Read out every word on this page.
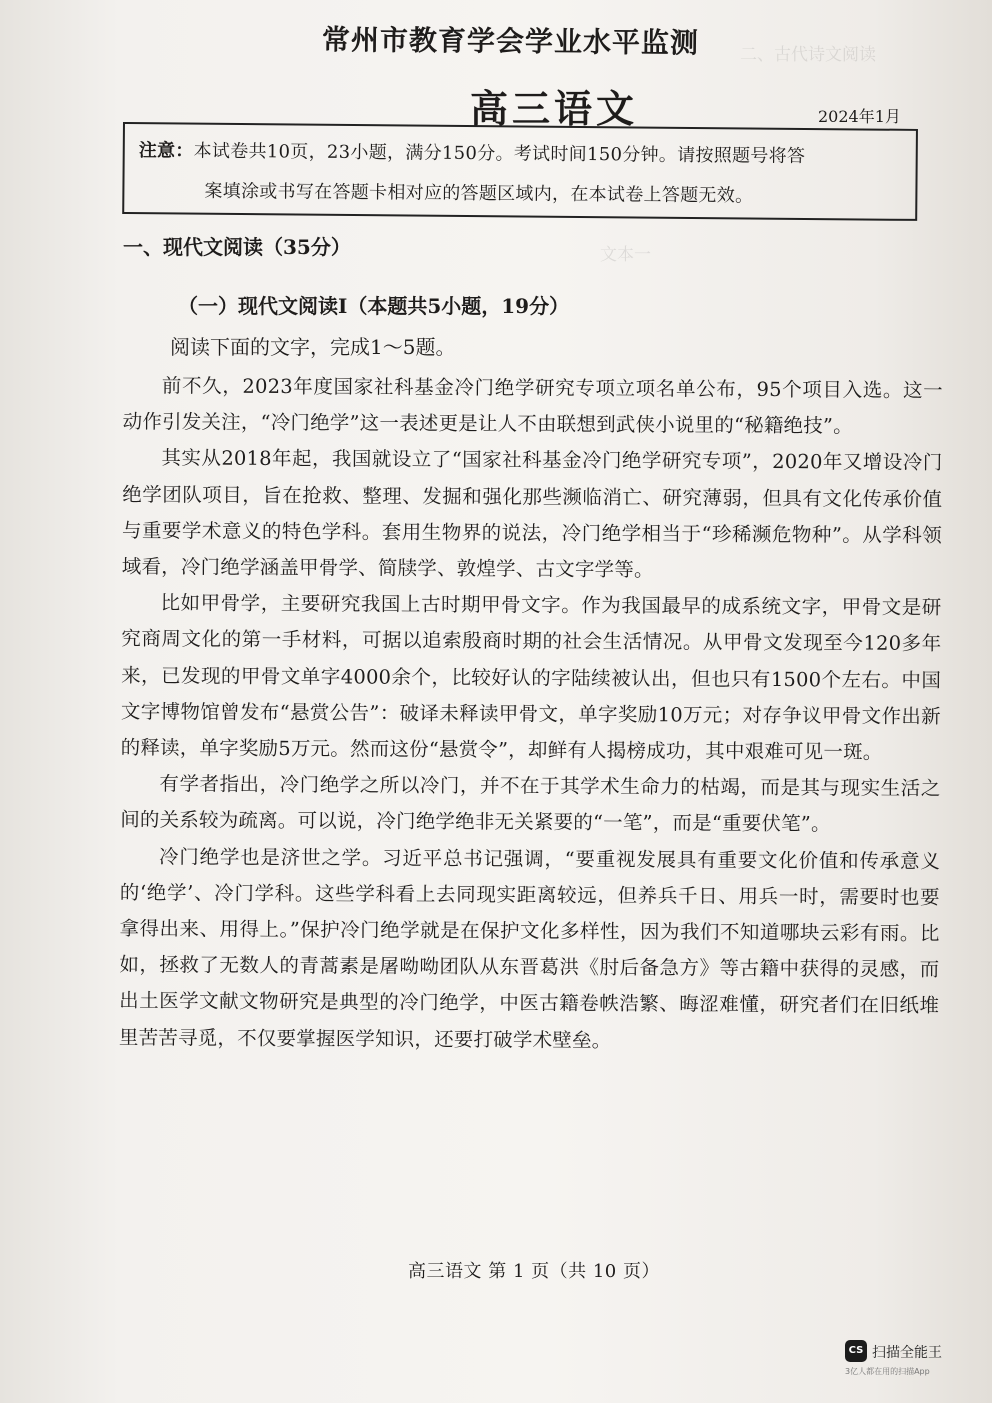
二、古代诗文阅读
文本一
常州市教育学会学业水平监测
高三语文	2024年1月
注意：本试卷共10页，23小题，满分150分。考试时间150分钟。请按照题号将答
案填涂或书写在答题卡相对应的答题区域内，在本试卷上答题无效。
一、现代文阅读（35分）
（一）现代文阅读Ⅰ（本题共5小题，19分）
阅读下面的文字，完成1～5题。

前不久，2023年度国家社科基金冷门绝学研究专项立项名单公布，95个项目入选。这一动作引发关注，“冷门绝学”这一表述更是让人不由联想到武侠小说里的“秘籍绝技”。

其实从2018年起，我国就设立了“国家社科基金冷门绝学研究专项”，2020年又增设冷门绝学团队项目，旨在抢救、整理、发掘和强化那些濒临消亡、研究薄弱，但具有文化传承价值与重要学术意义的特色学科。套用生物界的说法，冷门绝学相当于“珍稀濒危物种”。从学科领域看，冷门绝学涵盖甲骨学、简牍学、敦煌学、古文字学等。

比如甲骨学，主要研究我国上古时期甲骨文字。作为我国最早的成系统文字，甲骨文是研究商周文化的第一手材料，可据以追索殷商时期的社会生活情况。从甲骨文发现至今120多年来，已发现的甲骨文单字4000余个，比较好认的字陆续被认出，但也只有1500个左右。中国文字博物馆曾发布“悬赏公告”：破译未释读甲骨文，单字奖励10万元；对存争议甲骨文作出新的释读，单字奖励5万元。然而这份“悬赏令”，却鲜有人揭榜成功，其中艰难可见一斑。

有学者指出，冷门绝学之所以冷门，并不在于其学术生命力的枯竭，而是其与现实生活之间的关系较为疏离。可以说，冷门绝学绝非无关紧要的“一笔”，而是“重要伏笔”。

冷门绝学也是济世之学。习近平总书记强调，“要重视发展具有重要文化价值和传承意义的‘绝学’、冷门学科。这些学科看上去同现实距离较远，但养兵千日、用兵一时，需要时也要拿得出来、用得上。”保护冷门绝学就是在保护文化多样性，因为我们不知道哪块云彩有雨。比如，拯救了无数人的青蒿素是屠呦呦团队从东晋葛洪《肘后备急方》等古籍中获得的灵感，而出土医学文献文物研究是典型的冷门绝学，中医古籍卷帙浩繁、晦涩难懂，研究者们在旧纸堆里苦苦寻觅，不仅要掌握医学知识，还要打破学术壁垒。

高三语文 第 1 页（共 10 页）
CS 扫描全能王
3亿人都在用的扫描App
